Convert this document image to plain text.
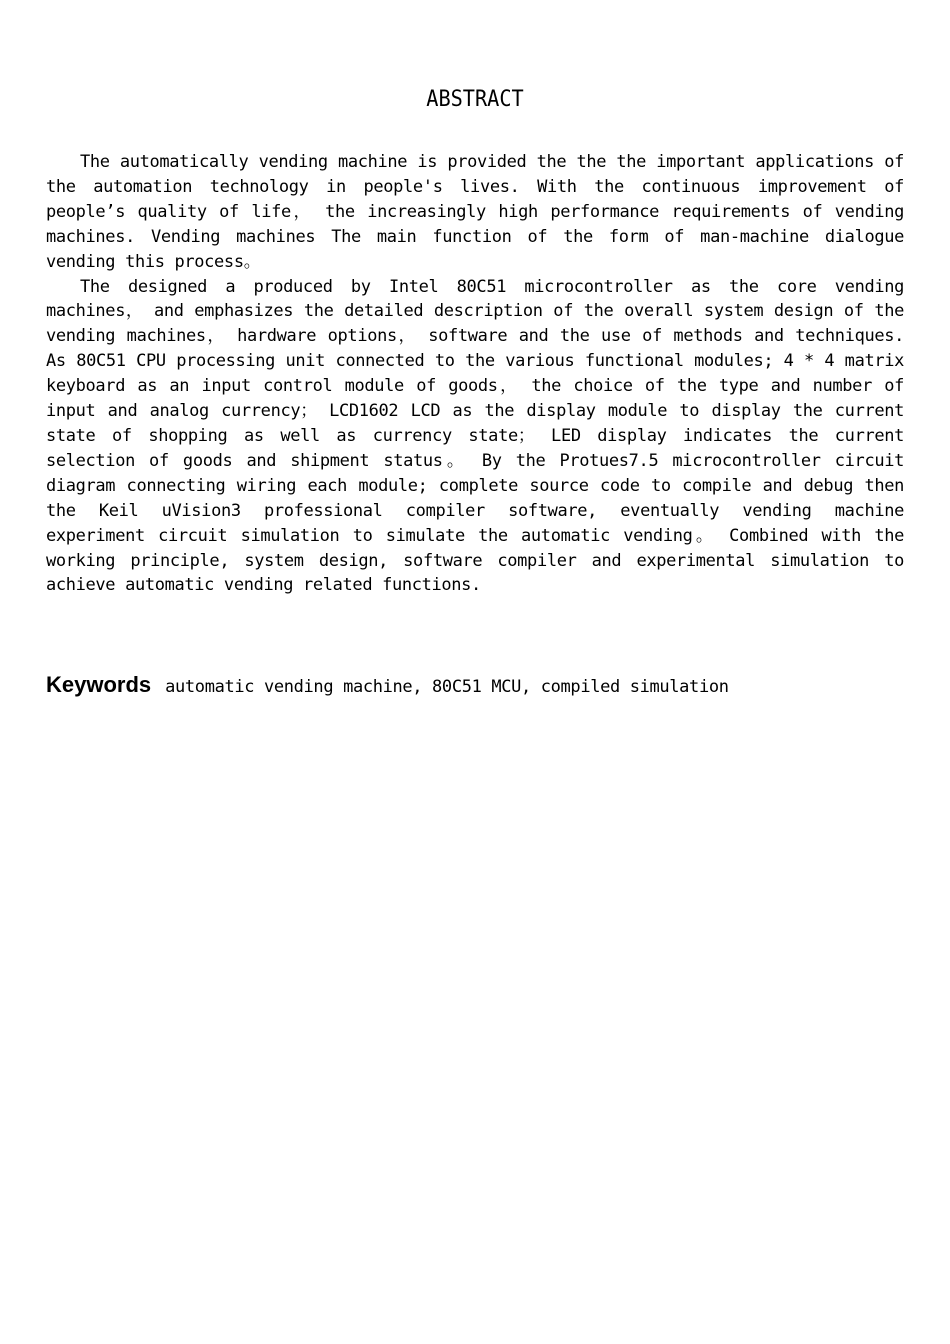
ABSTRACT

The automatically vending machine is provided the the the important applications of the automation technology in people's lives. With the continuous improvement of people’s quality of life， the increasingly high performance requirements of vending machines. Vending machines The main function of the form of man-machine dialogue vending this process。

The designed a produced by Intel 80C51 microcontroller as the core vending machines， and emphasizes the detailed description of the overall system design of the vending machines， hardware options， software and the use of methods and techniques. As 80C51 CPU processing unit connected to the various functional modules; 4 * 4 matrix keyboard as an input control module of goods， the choice of the type and number of input and analog currency； LCD1602 LCD as the display module to display the current state of shopping as well as currency state； LED display indicates the current selection of goods and shipment status。 By the Protues7.5 microcontroller circuit diagram connecting wiring each module; complete source code to compile and debug then the Keil uVision3 professional compiler software, eventually vending machine experiment circuit simulation to simulate the automatic vending。 Combined with the working principle, system design, software compiler and experimental simulation to achieve automatic vending related functions.

Keywords automatic vending machine, 80C51 MCU, compiled simulation
